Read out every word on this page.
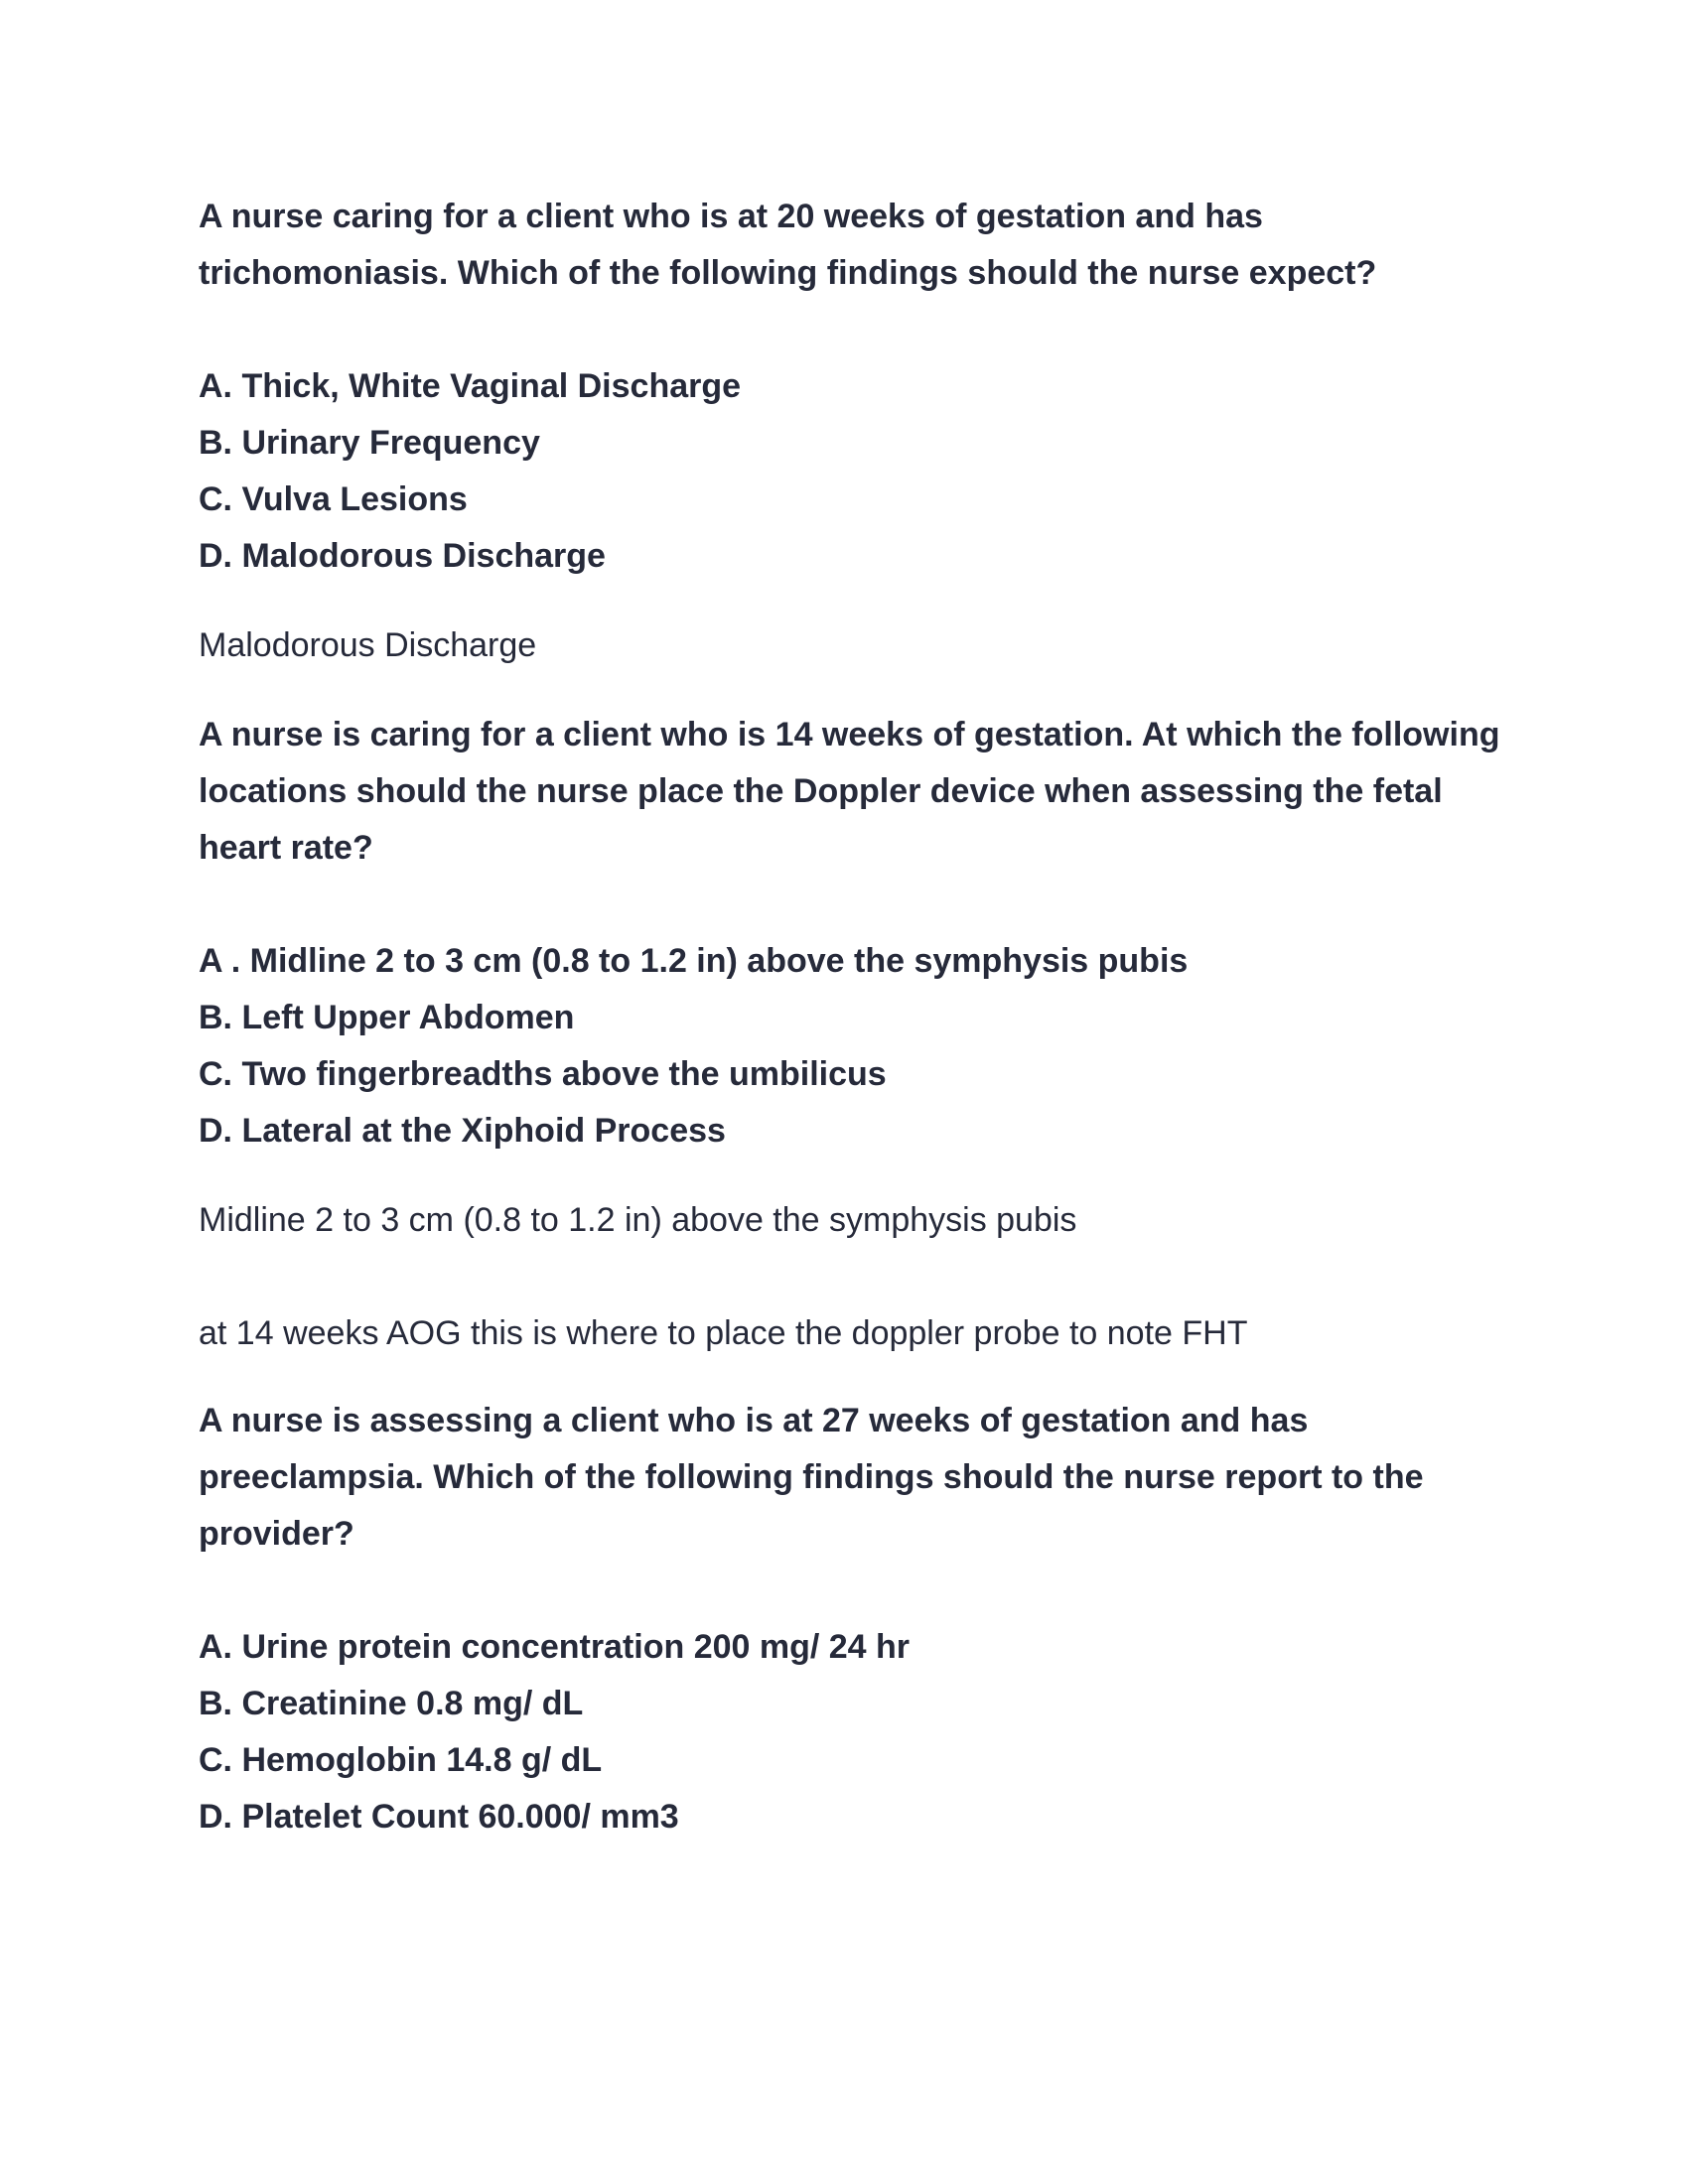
A nurse caring for a client who is at 20 weeks of gestation and has

trichomoniasis. Which of the following findings should the nurse expect?

A. Thick, White Vaginal Discharge

B. Urinary Frequency

C. Vulva Lesions

D. Malodorous Discharge

Malodorous Discharge

A nurse is caring for a client who is 14 weeks of gestation. At which the following

locations should the nurse place the Doppler device when assessing the fetal

heart rate?

A . Midline 2 to 3 cm (0.8 to 1.2 in) above the symphysis pubis

B. Left Upper Abdomen

C. Two fingerbreadths above the umbilicus

D. Lateral at the Xiphoid Process

Midline 2 to 3 cm (0.8 to 1.2 in) above the symphysis pubis

at 14 weeks AOG this is where to place the doppler probe to note FHT

A nurse is assessing a client who is at 27 weeks of gestation and has

preeclampsia. Which of the following findings should the nurse report to the

provider?

A. Urine protein concentration 200 mg/ 24 hr

B. Creatinine 0.8 mg/ dL

C. Hemoglobin 14.8 g/ dL

D. Platelet Count 60.000/ mm3
